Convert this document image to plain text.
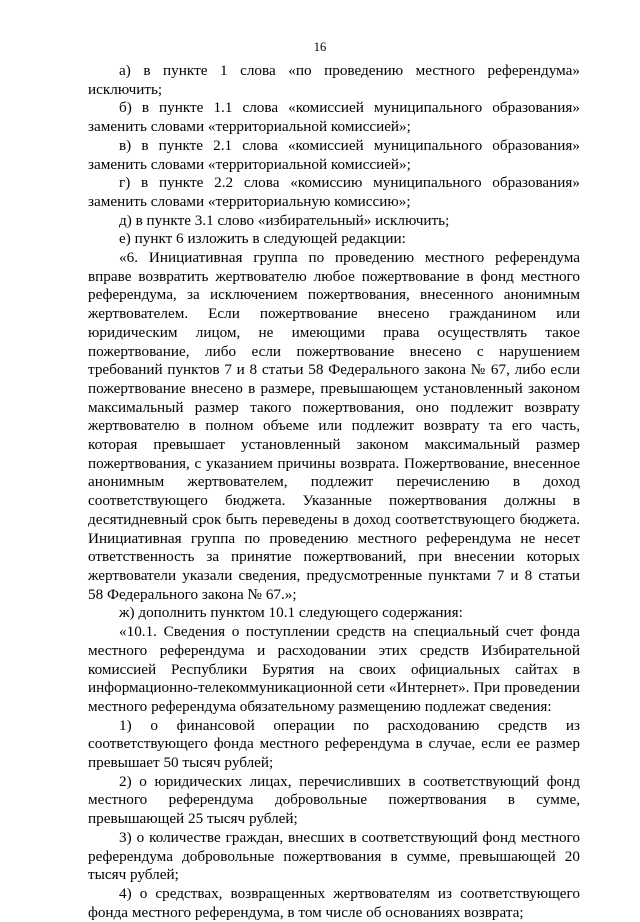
16

а) в пункте 1 слова «по проведению местного референдума» исключить;

б) в пункте 1.1 слова «комиссией муниципального образования» заменить словами «территориальной комиссией»;

в) в пункте 2.1 слова «комиссией муниципального образования» заменить словами «территориальной комиссией»;

г) в пункте 2.2 слова «комиссию муниципального образования» заменить словами «территориальную комиссию»;

д) в пункте 3.1 слово «избирательный» исключить;

е) пункт 6 изложить в следующей редакции:

«6. Инициативная группа по проведению местного референдума вправе возвратить жертвователю любое пожертвование в фонд местного референдума, за исключением пожертвования, внесенного анонимным жертвователем. Если пожертвование внесено гражданином или юридическим лицом, не имеющими права осуществлять такое пожертвование, либо если пожертвование внесено с нарушением требований пунктов 7 и 8 статьи 58 Федерального закона № 67, либо если пожертвование внесено в размере, превышающем установленный законом максимальный размер такого пожертвования, оно подлежит возврату жертвователю в полном объеме или подлежит возврату та его часть, которая превышает установленный законом максимальный размер пожертвования, с указанием причины возврата. Пожертвование, внесенное анонимным жертвователем, подлежит перечислению в доход соответствующего бюджета. Указанные пожертвования должны в десятидневный срок быть переведены в доход соответствующего бюджета. Инициативная группа по проведению местного референдума не несет ответственность за принятие пожертвований, при внесении которых жертвователи указали сведения, предусмотренные пунктами 7 и 8 статьи 58 Федерального закона № 67.»;

ж) дополнить пунктом 10.1 следующего содержания:

«10.1. Сведения о поступлении средств на специальный счет фонда местного референдума и расходовании этих средств Избирательной комиссией Республики Бурятия на своих официальных сайтах в информационно-телекоммуникационной сети «Интернет». При проведении местного референдума обязательному размещению подлежат сведения:

1) о финансовой операции по расходованию средств из соответствующего фонда местного референдума в случае, если ее размер превышает 50 тысяч рублей;

2) о юридических лицах, перечисливших в соответствующий фонд местного референдума добровольные пожертвования в сумме, превышающей 25 тысяч рублей;

3) о количестве граждан, внесших в соответствующий фонд местного референдума добровольные пожертвования в сумме, превышающей 20 тысяч рублей;

4) о средствах, возвращенных жертвователям из соответствующего фонда местного референдума, в том числе об основаниях возврата;
